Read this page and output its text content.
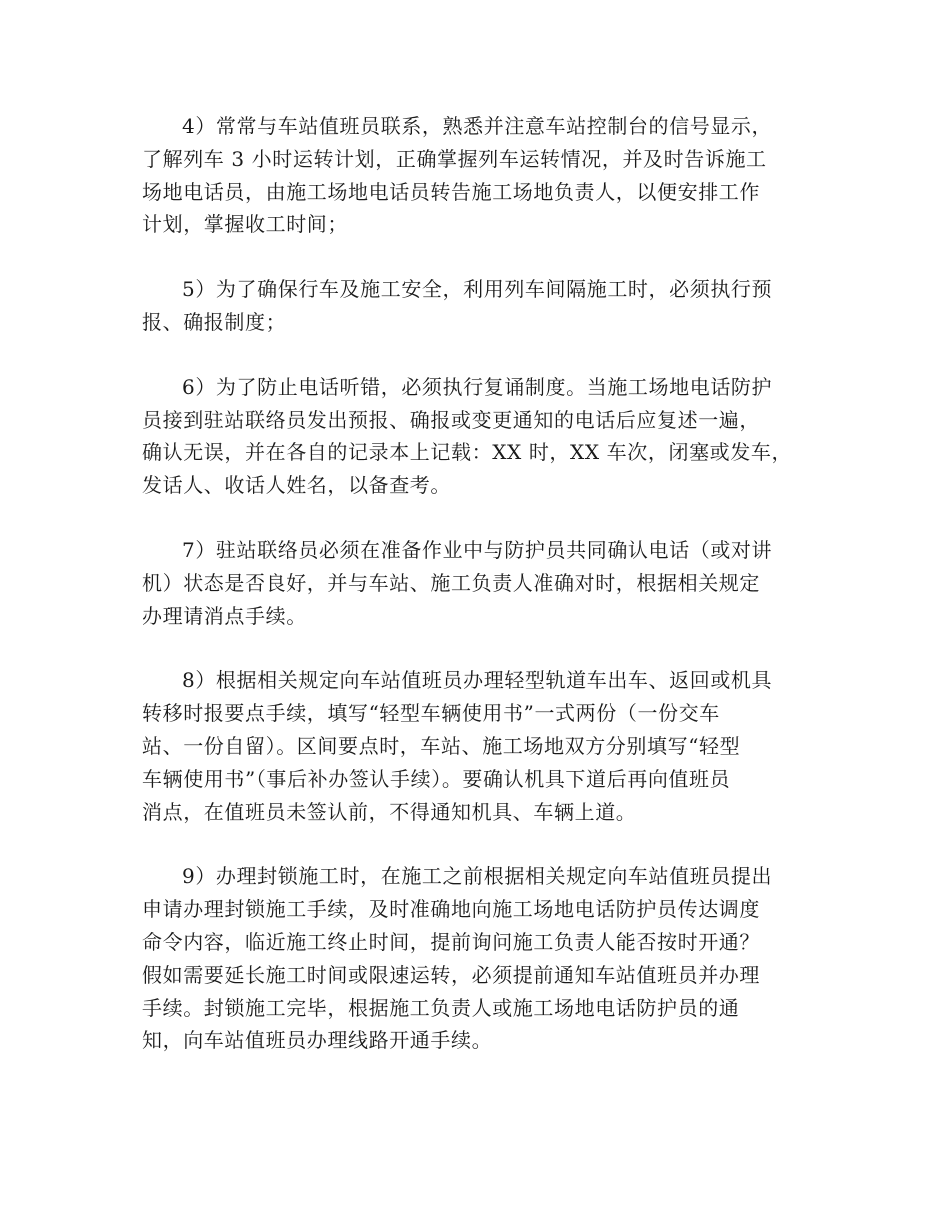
4）常常与车站值班员联系，熟悉并注意车站控制台的信号显示，
了解列车 3 小时运转计划，正确掌握列车运转情况，并及时告诉施工
场地电话员，由施工场地电话员转告施工场地负责人，以便安排工作
计划，掌握收工时间；
5）为了确保行车及施工安全，利用列车间隔施工时，必须执行预
报、确报制度；
6）为了防止电话听错，必须执行复诵制度。当施工场地电话防护
员接到驻站联络员发出预报、确报或变更通知的电话后应复述一遍，
确认无误，并在各自的记录本上记载：XX 时，XX 车次，闭塞或发车，
发话人、收话人姓名，以备查考。
7）驻站联络员必须在准备作业中与防护员共同确认电话（或对讲
机）状态是否良好，并与车站、施工负责人准确对时，根据相关规定
办理请消点手续。
8）根据相关规定向车站值班员办理轻型轨道车出车、返回或机具
转移时报要点手续，填写“轻型车辆使用书”一式两份（一份交车
站、一份自留）。区间要点时，车站、施工场地双方分别填写“轻型
车辆使用书”（事后补办签认手续）。要确认机具下道后再向值班员
消点，在值班员未签认前，不得通知机具、车辆上道。
9）办理封锁施工时，在施工之前根据相关规定向车站值班员提出
申请办理封锁施工手续，及时准确地向施工场地电话防护员传达调度
命令内容，临近施工终止时间，提前询问施工负责人能否按时开通？
假如需要延长施工时间或限速运转，必须提前通知车站值班员并办理
手续。封锁施工完毕，根据施工负责人或施工场地电话防护员的通
知，向车站值班员办理线路开通手续。
